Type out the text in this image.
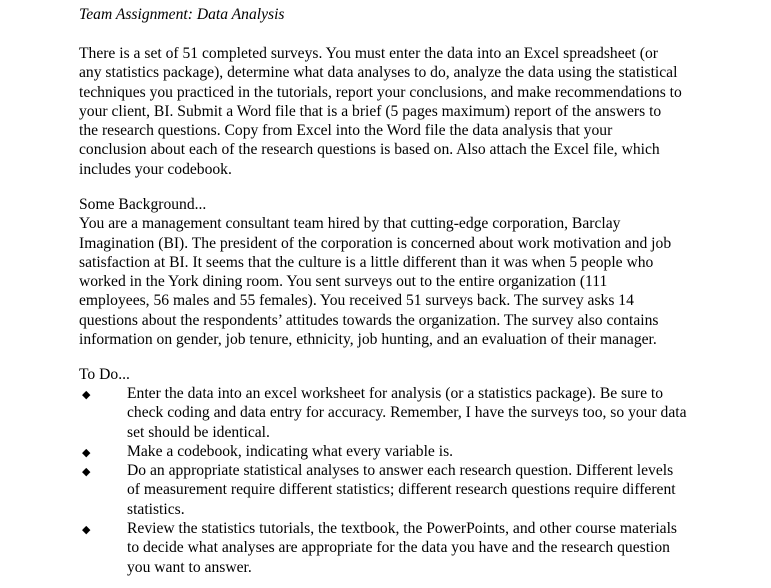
Team Assignment: Data Analysis
There is a set of 51 completed surveys. You must enter the data into an Excel spreadsheet (or
any statistics package), determine what data analyses to do, analyze the data using the statistical
techniques you practiced in the tutorials, report your conclusions, and make recommendations to
your client, BI. Submit a Word file that is a brief (5 pages maximum) report of the answers to
the research questions. Copy from Excel into the Word file the data analysis that your
conclusion about each of the research questions is based on. Also attach the Excel file, which
includes your codebook.
Some Background...
You are a management consultant team hired by that cutting-edge corporation, Barclay
Imagination (BI). The president of the corporation is concerned about work motivation and job
satisfaction at BI. It seems that the culture is a little different than it was when 5 people who
worked in the York dining room. You sent surveys out to the entire organization (111
employees, 56 males and 55 females). You received 51 surveys back. The survey asks 14
questions about the respondents’ attitudes towards the organization. The survey also contains
information on gender, job tenure, ethnicity, job hunting, and an evaluation of their manager.
To Do...
◆ Enter the data into an excel worksheet for analysis (or a statistics package). Be sure to
check coding and data entry for accuracy. Remember, I have the surveys too, so your data
set should be identical.
◆ Make a codebook, indicating what every variable is.
◆ Do an appropriate statistical analyses to answer each research question. Different levels
of measurement require different statistics; different research questions require different
statistics.
◆ Review the statistics tutorials, the textbook, the PowerPoints, and other course materials
to decide what analyses are appropriate for the data you have and the research question
you want to answer.
